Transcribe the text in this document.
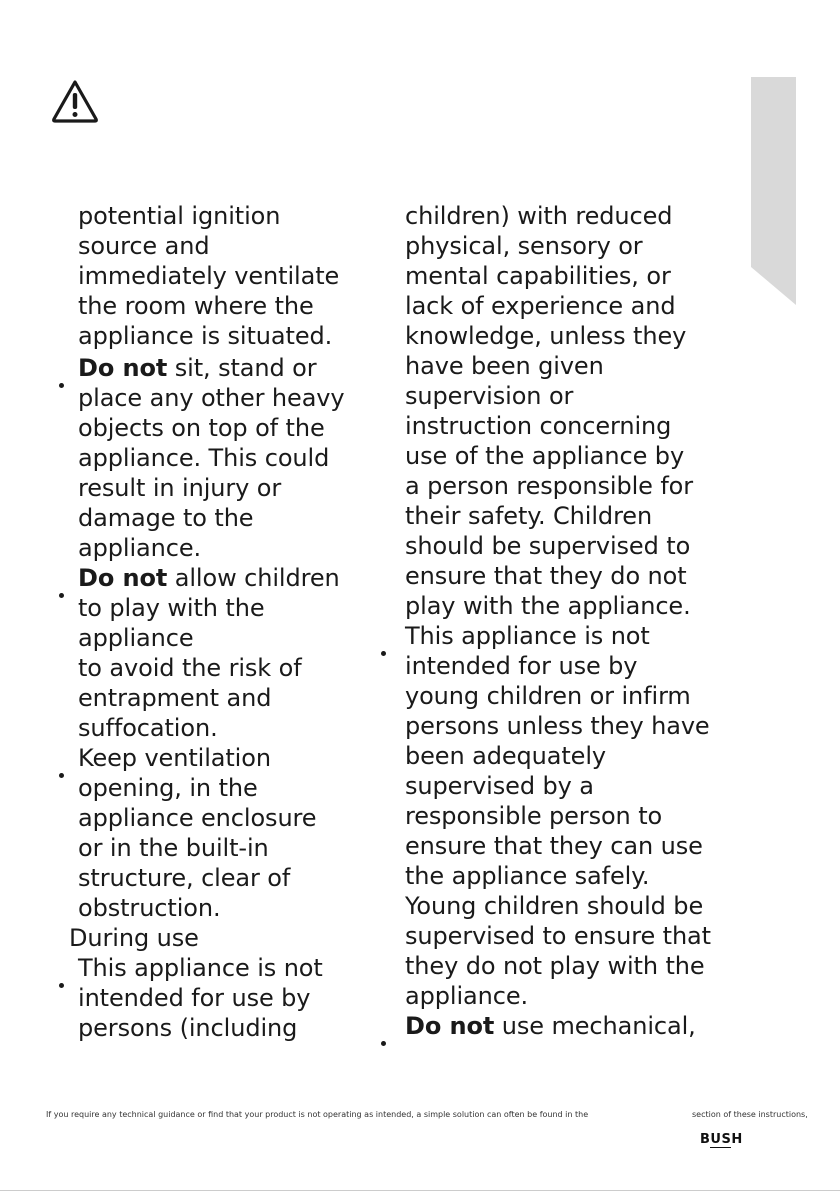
potential ignition
source and
immediately ventilate
the room where the
appliance is situated.
Do not sit, stand or
place any other heavy
objects on top of the
appliance. This could
result in injury or
damage to the
appliance.
Do not allow children
to play with the
appliance
to avoid the risk of
entrapment and
suffocation.
Keep ventilation
opening, in the
appliance enclosure
or in the built-in
structure, clear of
obstruction.
During use
This appliance is not
intended for use by
persons (including
children) with reduced
physical, sensory or
mental capabilities, or
lack of experience and
knowledge, unless they
have been given
supervision or
instruction concerning
use of the appliance by
a person responsible for
their safety. Children
should be supervised to
ensure that they do not
play with the appliance.
This appliance is not
intended for use by
young children or infirm
persons unless they have
been adequately
supervised by a
responsible person to
ensure that they can use
the appliance safely.
Young children should be
supervised to ensure that
they do not play with the
appliance.
Do not use mechanical,
If you require any technical guidance or find that your product is not operating as intended, a simple solution can often be found in the	section of these instructions,
BUSH
